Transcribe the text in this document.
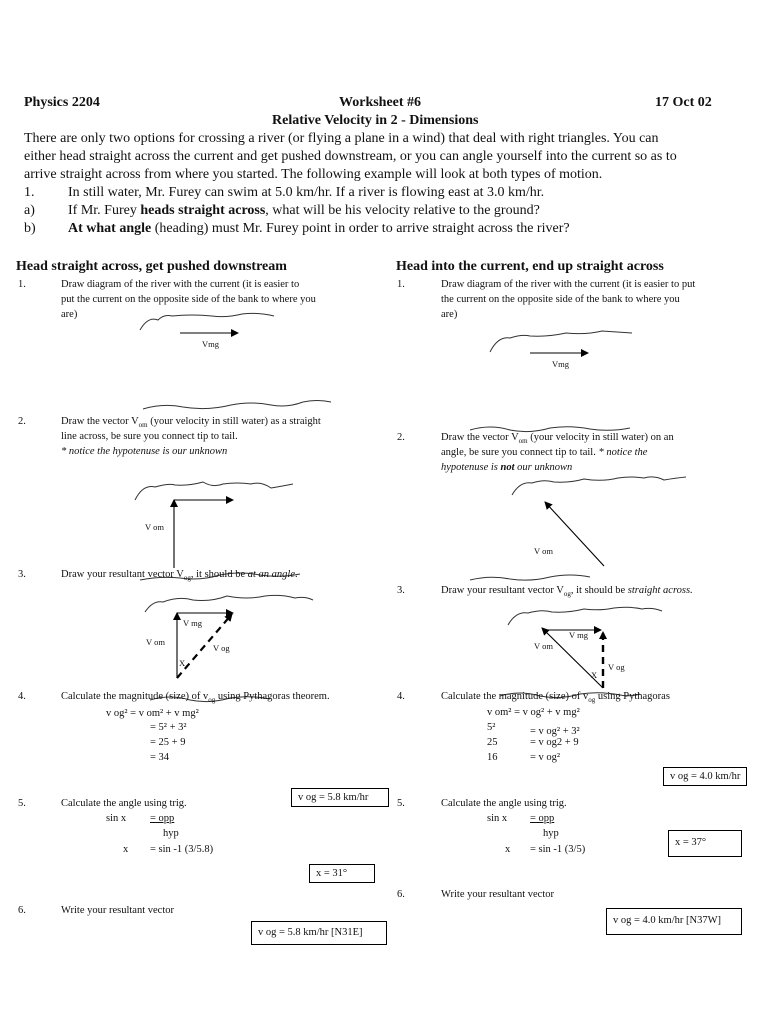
Physics 2204	Worksheet #6	17 Oct 02
Relative Velocity in 2 - Dimensions
There are only two options for crossing a river (or flying a plane in a wind) that deal with right triangles. You can
either head straight across the current and get pushed downstream, or you can angle yourself into the current so as to
arrive straight across from where you started. The following example will look at both types of motion.
1. In still water, Mr. Furey can swim at 5.0 km/hr. If a river is flowing east at 3.0 km/hr.
a) If Mr. Furey heads straight across, what will be his velocity relative to the ground?
b) At what angle (heading) must Mr. Furey point in order to arrive straight across the river?
Head straight across, get pushed downstream	Head into the current, end up straight across
1.	Draw diagram of the river with the current (it is easier to
put the current on the opposite side of the bank to where you
are)
Vmg
2.	Draw the vector $V_{om}$ (your velocity in still water) as a straight
line across, be sure you connect tip to tail.
* notice the hypotenuse is our unknown
V om
3.	Draw your resultant vector $V_{og}$, it should be at an angle.
V mg
V om
V og
X
4.	Calculate the magnitude (size) of $v_{og}$ using Pythagoras theorem.
v og² = v om² + v mg²
= 5² + 3²
= 25 + 9
= 34
5.	Calculate the angle using trig.
v og = 5.8 km/hr
sin x = opp
hyp
x = sin -1 (3/5.8)
x = 31°
6.	Write your resultant vector
v og = 5.8 km/hr [N31E]
1.	Draw diagram of the river with the current (it is easier to put
the current on the opposite side of the bank to where you
are)
Vmg
2.	Draw the vector $V_{om}$ (your velocity in still water) on an
angle, be sure you connect tip to tail. * notice the
hypotenuse is not our unknown
V om
3.	Draw your resultant vector $V_{og}$, it should be straight across.
V mg
V om
V og
X
4.	Calculate the magnitude (size) of $v_{og}$ using Pythagoras
v om² = v og² + v mg²
5²	= v og² + 3²
25	= v og2 + 9
16	= v og²
v og = 4.0 km/hr
5.	Calculate the angle using trig.
sin x = opp
hyp
x = sin -1 (3/5)
x = 37°
6.	Write your resultant vector
v og = 4.0 km/hr [N37W]
